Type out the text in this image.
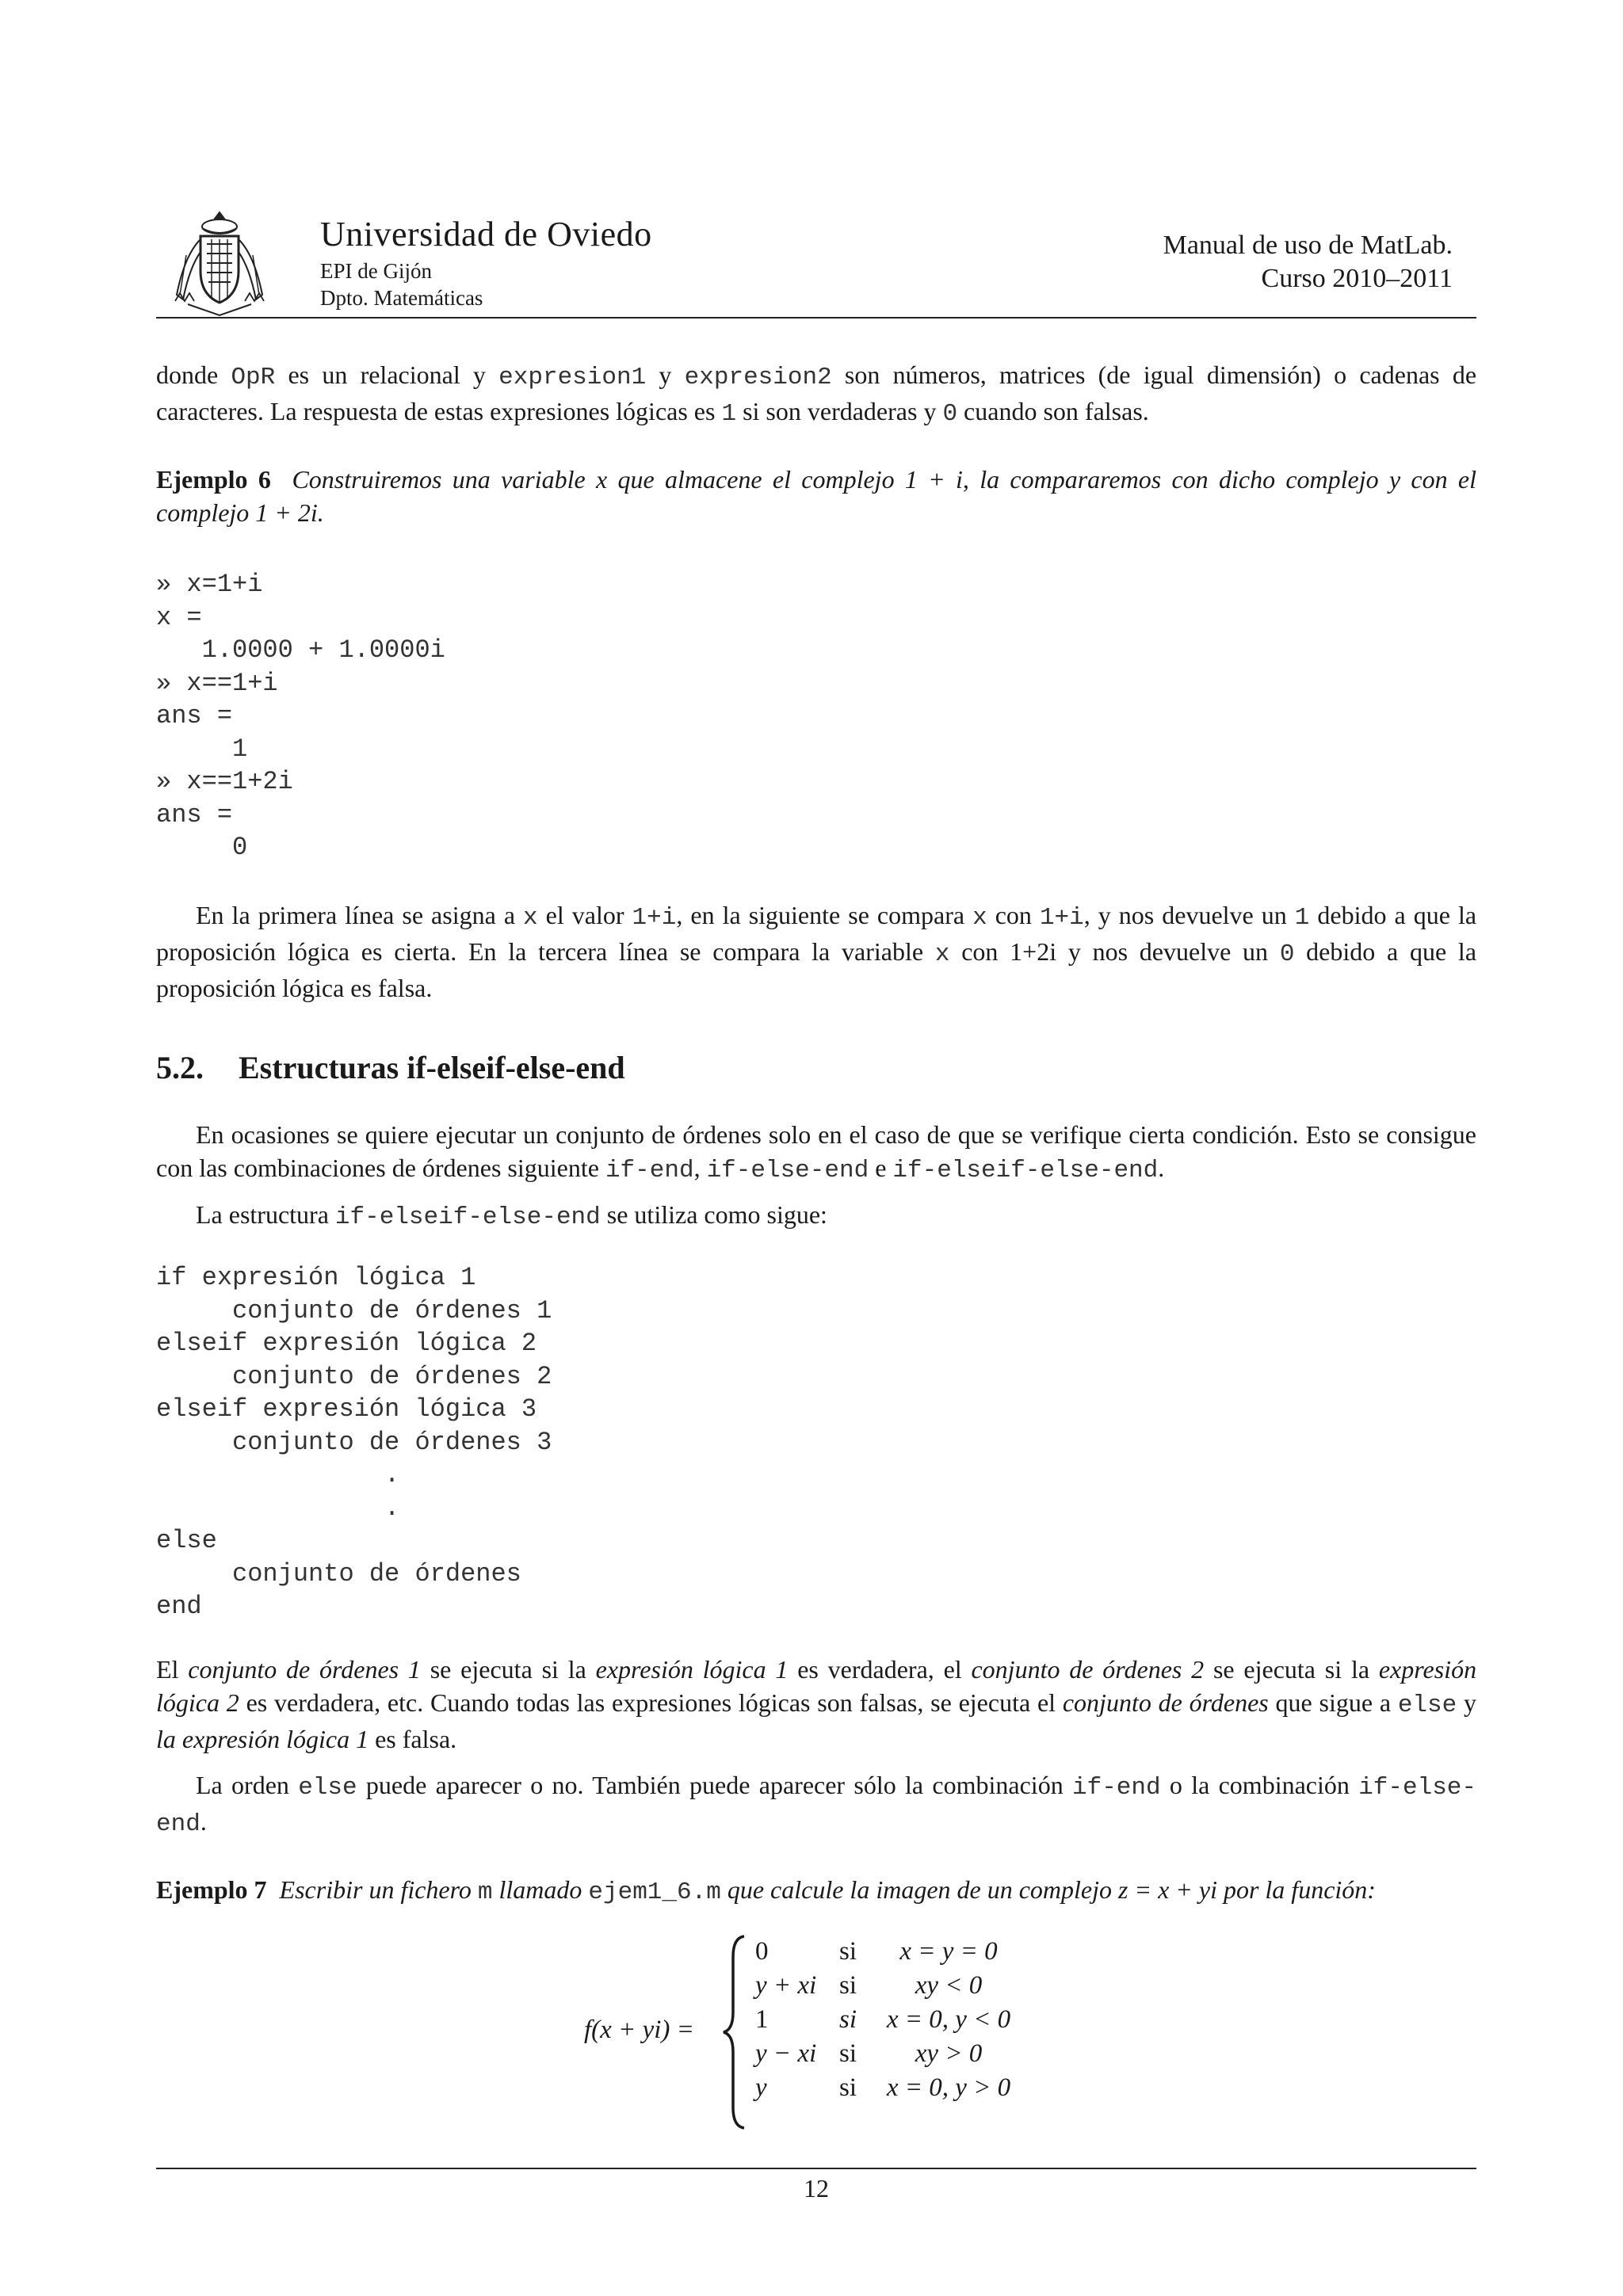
Universidad de Oviedo
EPI de Gijón
Dpto. Matemáticas
Manual de uso de MatLab.
Curso 2010–2011
donde OpR es un relacional y expresion1 y expresion2 son números, matrices (de igual dimensión) o cadenas de caracteres. La respuesta de estas expresiones lógicas es 1 si son verdaderas y 0 cuando son falsas.
Ejemplo 6 Construiremos una variable x que almacene el complejo 1 + i, la compararemos con dicho complejo y con el complejo 1 + 2i.
» x=1+i
x =
1.0000 + 1.0000i
» x==1+i
ans =
1
» x==1+2i
ans =
0
En la primera línea se asigna a x el valor 1+i, en la siguiente se compara x con 1+i, y nos devuelve un 1 debido a que la proposición lógica es cierta. En la tercera línea se compara la variable x con 1+2i y nos devuelve un 0 debido a que la proposición lógica es falsa.
5.2. Estructuras if-elseif-else-end
En ocasiones se quiere ejecutar un conjunto de órdenes solo en el caso de que se verifique cierta condición. Esto se consigue con las combinaciones de órdenes siguiente if-end, if-else-end e if-elseif-else-end.
La estructura if-elseif-else-end se utiliza como sigue:
if expresión lógica 1
conjunto de órdenes 1
elseif expresión lógica 2
conjunto de órdenes 2
elseif expresión lógica 3
conjunto de órdenes 3
.
.
else
conjunto de órdenes
end
El conjunto de órdenes 1 se ejecuta si la expresión lógica 1 es verdadera, el conjunto de órdenes 2 se ejecuta si la expresión lógica 2 es verdadera, etc. Cuando todas las expresiones lógicas son falsas, se ejecuta el conjunto de órdenes que sigue a else y la expresión lógica 1 es falsa.
La orden else puede aparecer o no. También puede aparecer sólo la combinación if-end o la combinación if-else-end.
Ejemplo 7 Escribir un fichero m llamado ejem1_6.m que calcule la imagen de un complejo z = x + yi por la función:
f(x + yi) =
0	si	x = y = 0
y + xi si	xy < 0
1	si x = 0, y < 0
y − xi si	xy > 0
y	si x = 0, y > 0
12
